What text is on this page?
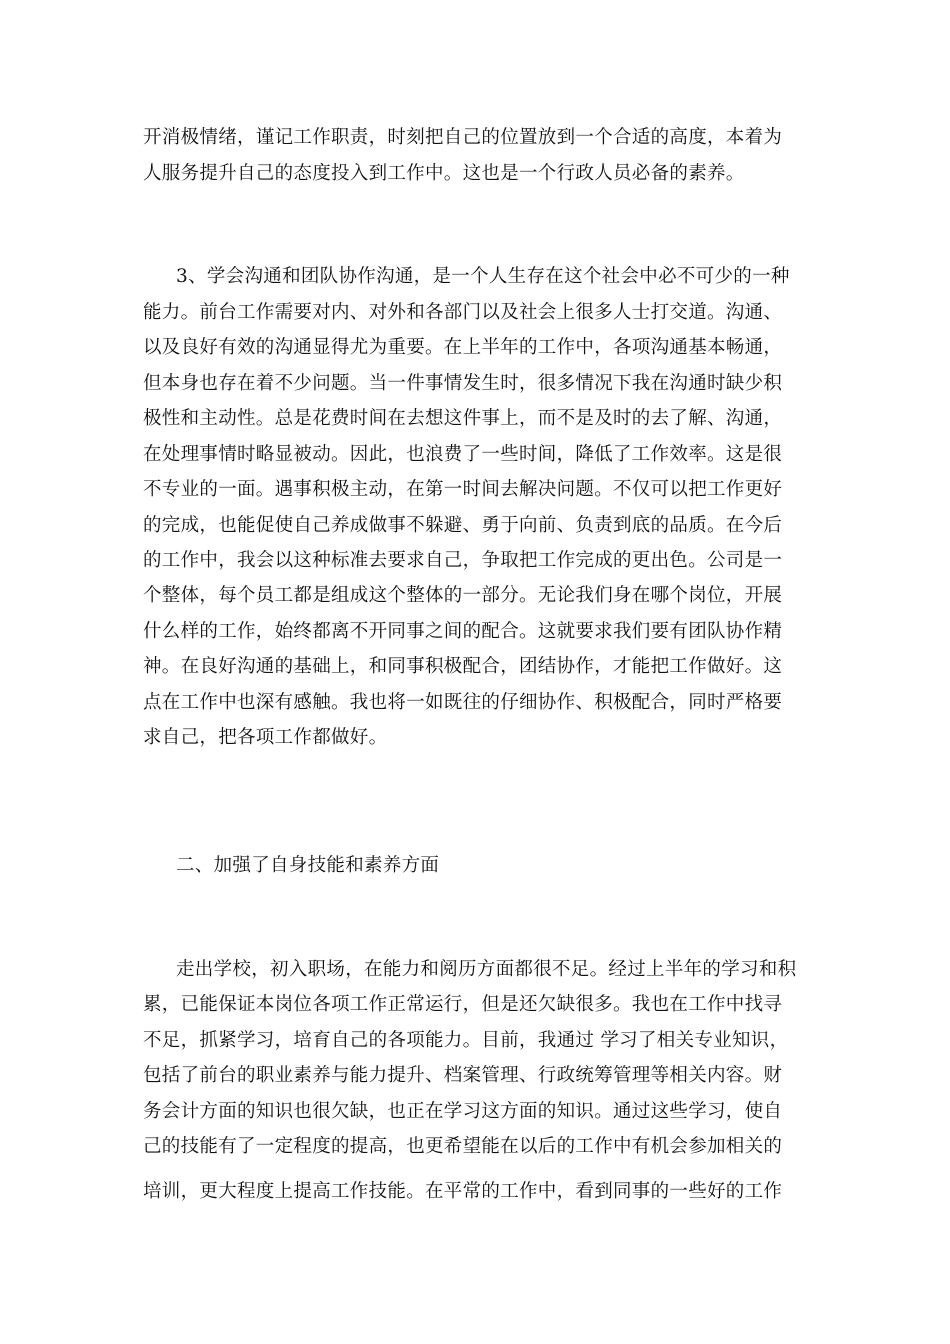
开消极情绪，谨记工作职责，时刻把自己的位置放到一个合适的高度，本着为
人服务提升自己的态度投入到工作中。这也是一个行政人员必备的素养。
3、学会沟通和团队协作沟通，是一个人生存在这个社会中必不可少的一种
能力。前台工作需要对内、对外和各部门以及社会上很多人士打交道。沟通、
以及良好有效的沟通显得尤为重要。在上半年的工作中，各项沟通基本畅通，
但本身也存在着不少问题。当一件事情发生时，很多情况下我在沟通时缺少积
极性和主动性。总是花费时间在去想这件事上，而不是及时的去了解、沟通，
在处理事情时略显被动。因此，也浪费了一些时间，降低了工作效率。这是很
不专业的一面。遇事积极主动，在第一时间去解决问题。不仅可以把工作更好
的完成，也能促使自己养成做事不躲避、勇于向前、负责到底的品质。在今后
的工作中，我会以这种标准去要求自己，争取把工作完成的更出色。公司是一
个整体，每个员工都是组成这个整体的一部分。无论我们身在哪个岗位，开展
什么样的工作，始终都离不开同事之间的配合。这就要求我们要有团队协作精
神。在良好沟通的基础上，和同事积极配合，团结协作，才能把工作做好。这
点在工作中也深有感触。我也将一如既往的仔细协作、积极配合，同时严格要
求自己，把各项工作都做好。
二、加强了自身技能和素养方面
走出学校，初入职场，在能力和阅历方面都很不足。经过上半年的学习和积
累，已能保证本岗位各项工作正常运行，但是还欠缺很多。我也在工作中找寻
不足，抓紧学习，培育自己的各项能力。目前，我通过 学习了相关专业知识，
包括了前台的职业素养与能力提升、档案管理、行政统筹管理等相关内容。财
务会计方面的知识也很欠缺，也正在学习这方面的知识。通过这些学习，使自
己的技能有了一定程度的提高，也更希望能在以后的工作中有机会参加相关的
培训，更大程度上提高工作技能。在平常的工作中，看到同事的一些好的工作
